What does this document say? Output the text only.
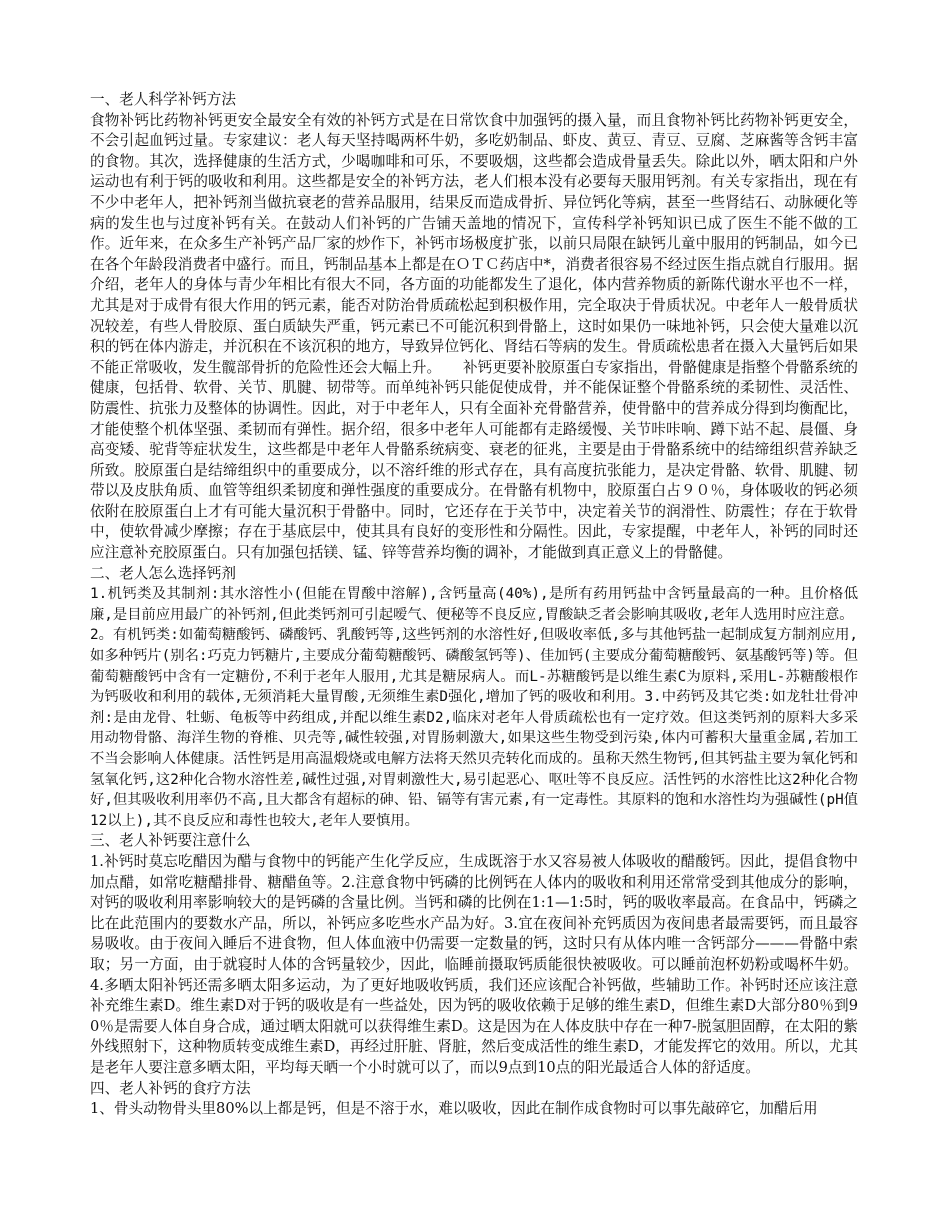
一、老人科学补钙方法

食物补钙比药物补钙更安全最安全有效的补钙方式是在日常饮食中加强钙的摄入量，而且食物补钙比药物补钙更安全，不会引起血钙过量。专家建议：老人每天坚持喝两杯牛奶，多吃奶制品、虾皮、黄豆、青豆、豆腐、芝麻酱等含钙丰富的食物。其次，选择健康的生活方式，少喝咖啡和可乐，不要吸烟，这些都会造成骨量丢失。除此以外，晒太阳和户外运动也有利于钙的吸收和利用。这些都是安全的补钙方法，老人们根本没有必要每天服用钙剂。有关专家指出，现在有不少中老年人，把补钙剂当做抗衰老的营养品服用，结果反而造成骨折、异位钙化等病，甚至一些肾结石、动脉硬化等病的发生也与过度补钙有关。在鼓动人们补钙的广告铺天盖地的情况下，宣传科学补钙知识已成了医生不能不做的工作。近年来，在众多生产补钙产品厂家的炒作下，补钙市场极度扩张，以前只局限在缺钙儿童中服用的钙制品，如今已在各个年龄段消费者中盛行。而且，钙制品基本上都是在ＯＴＣ药店中*，消费者很容易不经过医生指点就自行服用。据介绍，老年人的身体与青少年相比有很大不同，各方面的功能都发生了退化，体内营养物质的新陈代谢水平也不一样，尤其是对于成骨有很大作用的钙元素，能否对防治骨质疏松起到积极作用，完全取决于骨质状况。中老年人一般骨质状况较差，有些人骨胶原、蛋白质缺失严重，钙元素已不可能沉积到骨骼上，这时如果仍一味地补钙，只会使大量难以沉积的钙在体内游走，并沉积在不该沉积的地方，导致异位钙化、肾结石等病的发生。骨质疏松患者在摄入大量钙后如果不能正常吸收，发生髋部骨折的危险性还会大幅上升。　　补钙更要补胶原蛋白专家指出，骨骼健康是指整个骨骼系统的健康，包括骨、软骨、关节、肌腱、韧带等。而单纯补钙只能促使成骨，并不能保证整个骨骼系统的柔韧性、灵活性、防震性、抗张力及整体的协调性。因此，对于中老年人，只有全面补充骨骼营养，使骨骼中的营养成分得到均衡配比，才能使整个机体坚强、柔韧而有弹性。据介绍，很多中老年人可能都有走路缓慢、关节咔咔响、蹲下站不起、晨僵、身高变矮、驼背等症状发生，这些都是中老年人骨骼系统病变、衰老的征兆，主要是由于骨骼系统中的结缔组织营养缺乏所致。胶原蛋白是结缔组织中的重要成分，以不溶纤维的形式存在，具有高度抗张能力，是决定骨骼、软骨、肌腱、韧带以及皮肤角质、血管等组织柔韧度和弹性强度的重要成分。在骨骼有机物中，胶原蛋白占９０％，身体吸收的钙必须依附在胶原蛋白上才有可能大量沉积于骨骼中。同时，它还存在于关节中，决定着关节的润滑性、防震性；存在于软骨中，使软骨减少摩擦；存在于基底层中，使其具有良好的变形性和分隔性。因此，专家提醒，中老年人，补钙的同时还应注意补充胶原蛋白。只有加强包括镁、锰、锌等营养均衡的调补，才能做到真正意义上的骨骼健。

二、老人怎么选择钙剂

1.机钙类及其制剂:其水溶性小(但能在胃酸中溶解),含钙量高(40%),是所有药用钙盐中含钙量最高的一种。且价格低廉,是目前应用最广的补钙剂,但此类钙剂可引起嗳气、便秘等不良反应,胃酸缺乏者会影响其吸收,老年人选用时应注意。

2。有机钙类:如葡萄糖酸钙、磷酸钙、乳酸钙等,这些钙剂的水溶性好,但吸收率低,多与其他钙盐一起制成复方制剂应用,如多种钙片(别名:巧克力钙糖片,主要成分葡萄糖酸钙、磷酸氢钙等)、佳加钙(主要成分葡萄糖酸钙、氨基酸钙等)等。但葡萄糖酸钙中含有一定糖份,不利于老年人服用,尤其是糖尿病人。而L-苏糖酸钙是以维生素C为原料,采用L-苏糖酸根作为钙吸收和利用的载体,无须消耗大量胃酸,无须维生素D强化,增加了钙的吸收和利用。3.中药钙及其它类:如龙牡壮骨冲剂:是由龙骨、牡蛎、龟板等中药组成,并配以维生素D2,临床对老年人骨质疏松也有一定疗效。但这类钙剂的原料大多采用动物骨骼、海洋生物的脊椎、贝壳等,碱性较强,对胃肠刺激大,如果这些生物受到污染,体内可蓄积大量重金属,若加工不当会影响人体健康。活性钙是用高温煅烧或电解方法将天然贝壳转化而成的。虽称天然生物钙,但其钙盐主要为氧化钙和氢氧化钙,这2种化合物水溶性差,碱性过强,对胃刺激性大,易引起恶心、呕吐等不良反应。活性钙的水溶性比这2种化合物好,但其吸收利用率仍不高,且大都含有超标的砷、铅、镉等有害元素,有一定毒性。其原料的饱和水溶性均为强碱性(pH值12以上),其不良反应和毒性也较大,老年人要慎用。

三、老人补钙要注意什么

1.补钙时莫忘吃醋因为醋与食物中的钙能产生化学反应，生成既溶于水又容易被人体吸收的醋酸钙。因此，提倡食物中加点醋，如常吃糖醋排骨、糖醋鱼等。2.注意食物中钙磷的比例钙在人体内的吸收和利用还常常受到其他成分的影响，对钙的吸收利用率影响较大的是钙磷的含量比例。当钙和磷的比例在1:1—1:5时，钙的吸收率最高。在食品中，钙磷之比在此范围内的要数水产品，所以，补钙应多吃些水产品为好。3.宜在夜间补充钙质因为夜间患者最需要钙，而且最容易吸收。由于夜间入睡后不进食物，但人体血液中仍需要一定数量的钙，这时只有从体内唯一含钙部分———骨骼中索取；另一方面，由于就寝时人体的含钙量较少，因此，临睡前摄取钙质能很快被吸收。可以睡前泡杯奶粉或喝杯牛奶。4.多晒太阳补钙还需多晒太阳多运动，为了更好地吸收钙质，我们还应该配合补钙做，些辅助工作。补钙时还应该注意补充维生素D。维生素D对于钙的吸收是有一些益处，因为钙的吸收依赖于足够的维生素D，但维生素D大部分80％到90％是需要人体自身合成，通过晒太阳就可以获得维生素D。这是因为在人体皮肤中存在一种7-脱氢胆固醇，在太阳的紫外线照射下，这种物质转变成维生素D，再经过肝脏、肾脏，然后变成活性的维生素D，才能发挥它的效用。所以，尤其是老年人要注意多晒太阳，平均每天晒一个小时就可以了，而以9点到10点的阳光最适合人体的舒适度。

四、老人补钙的食疗方法

1、骨头动物骨头里80%以上都是钙，但是不溶于水，难以吸收，因此在制作成食物时可以事先敲碎它，加醋后用
